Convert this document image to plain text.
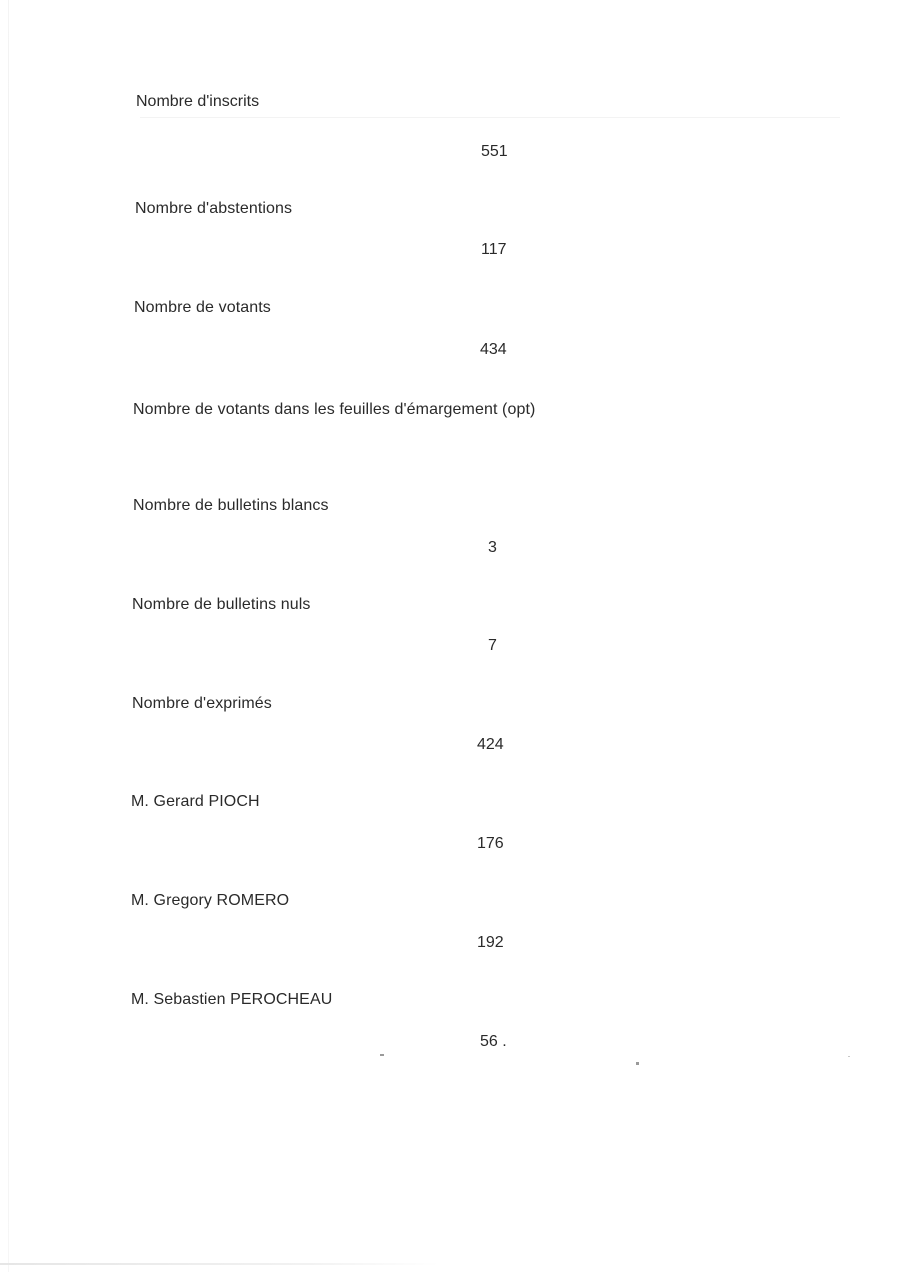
Nombre d'inscrits
551
Nombre d'abstentions
117
Nombre de votants
434
Nombre de votants dans les feuilles d'émargement (opt)
Nombre de bulletins blancs
3
Nombre de bulletins nuls
7
Nombre d'exprimés
424
M. Gerard PIOCH
176
M. Gregory ROMERO
192
M. Sebastien PEROCHEAU
56 .
